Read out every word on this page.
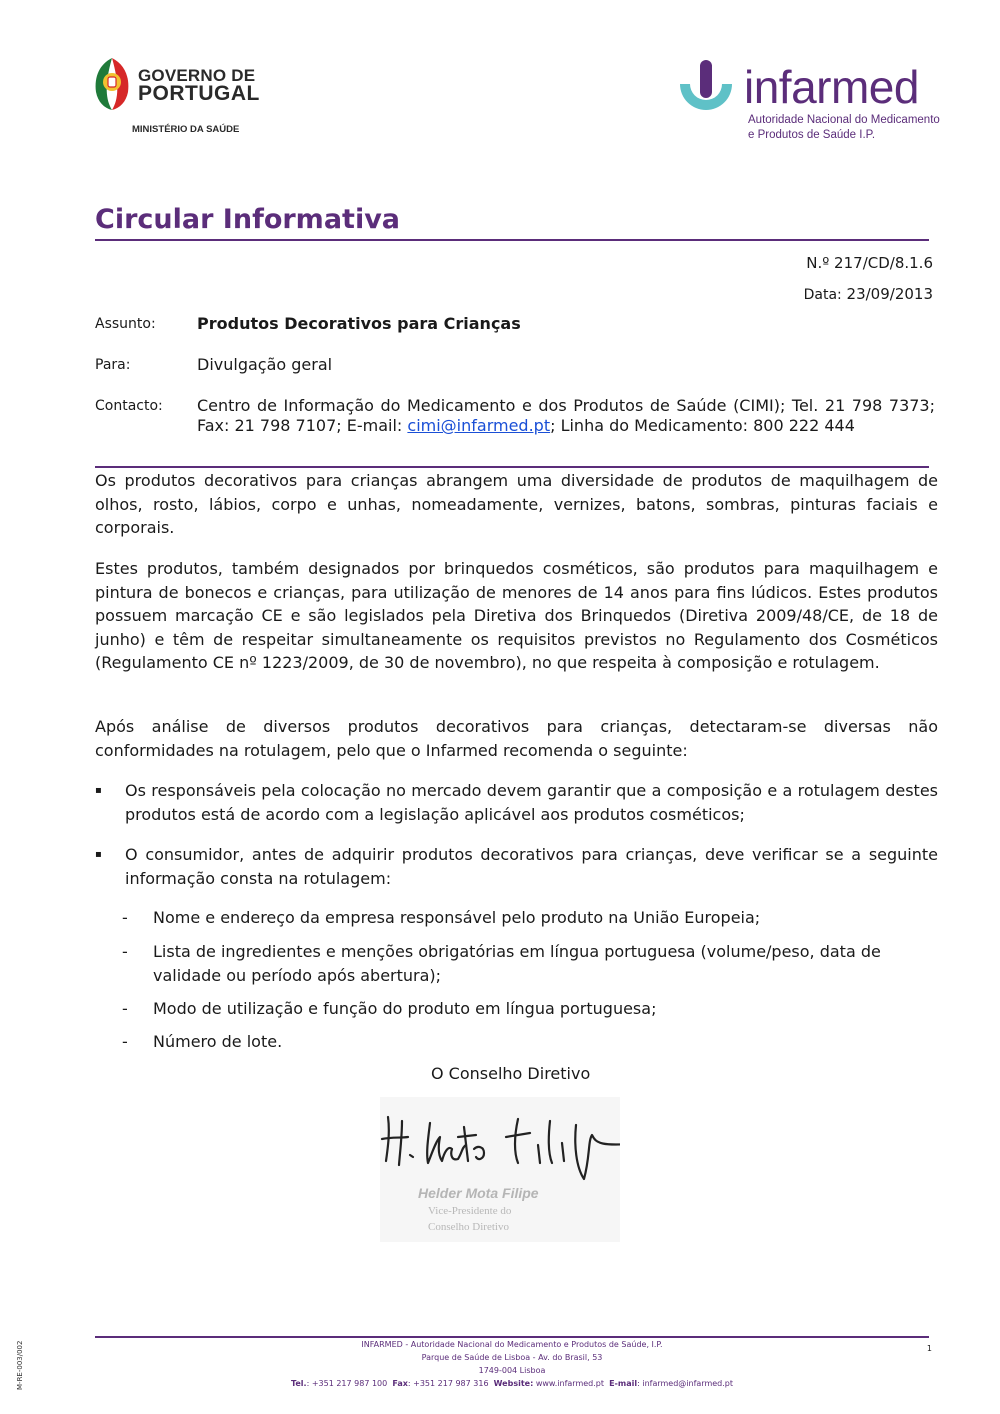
GOVERNO DE
PORTUGAL
MINISTÉRIO DA SAÚDE
infarmed
Autoridade Nacional do Medicamento
e Produtos de Saúde I.P.
Circular Informativa
N.º 217/CD/8.1.6
Data: 23/09/2013
Assunto:	Produtos Decorativos para Crianças
Para:	Divulgação geral
Contacto: Centro de Informação do Medicamento e dos Produtos de Saúde (CIMI); Tel. 21 798 7373; Fax: 21 798 7107; E-mail: cimi@infarmed.pt; Linha do Medicamento: 800 222 444
Os produtos decorativos para crianças abrangem uma diversidade de produtos de maquilhagem de olhos, rosto, lábios, corpo e unhas, nomeadamente, vernizes, batons, sombras, pinturas faciais e corporais.
Estes produtos, também designados por brinquedos cosméticos, são produtos para maquilhagem e pintura de bonecos e crianças, para utilização de menores de 14 anos para fins lúdicos. Estes produtos possuem marcação CE e são legislados pela Diretiva dos Brinquedos (Diretiva 2009/48/CE, de 18 de junho) e têm de respeitar simultaneamente os requisitos previstos no Regulamento dos Cosméticos (Regulamento CE nº 1223/2009, de 30 de novembro), no que respeita à composição e rotulagem.
Após análise de diversos produtos decorativos para crianças, detectaram-se diversas não conformidades na rotulagem, pelo que o Infarmed recomenda o seguinte:
▪ Os responsáveis pela colocação no mercado devem garantir que a composição e a rotulagem destes produtos está de acordo com a legislação aplicável aos produtos cosméticos;
▪ O consumidor, antes de adquirir produtos decorativos para crianças, deve verificar se a seguinte informação consta na rotulagem:
- Nome e endereço da empresa responsável pelo produto na União Europeia;
- Lista de ingredientes e menções obrigatórias em língua portuguesa (volume/peso, data de validade ou período após abertura);
- Modo de utilização e função do produto em língua portuguesa;
- Número de lote.
O Conselho Diretivo
Helder Mota Filipe
Vice-Presidente do
Conselho Diretivo
INFARMED - Autoridade Nacional do Medicamento e Produtos de Saúde, I.P.
Parque de Saúde de Lisboa - Av. do Brasil, 53
1749-004 Lisboa
Tel.: +351 217 987 100 Fax: +351 217 987 316 Website: www.infarmed.pt E-mail: infarmed@infarmed.pt
1
M-RE-003/002
